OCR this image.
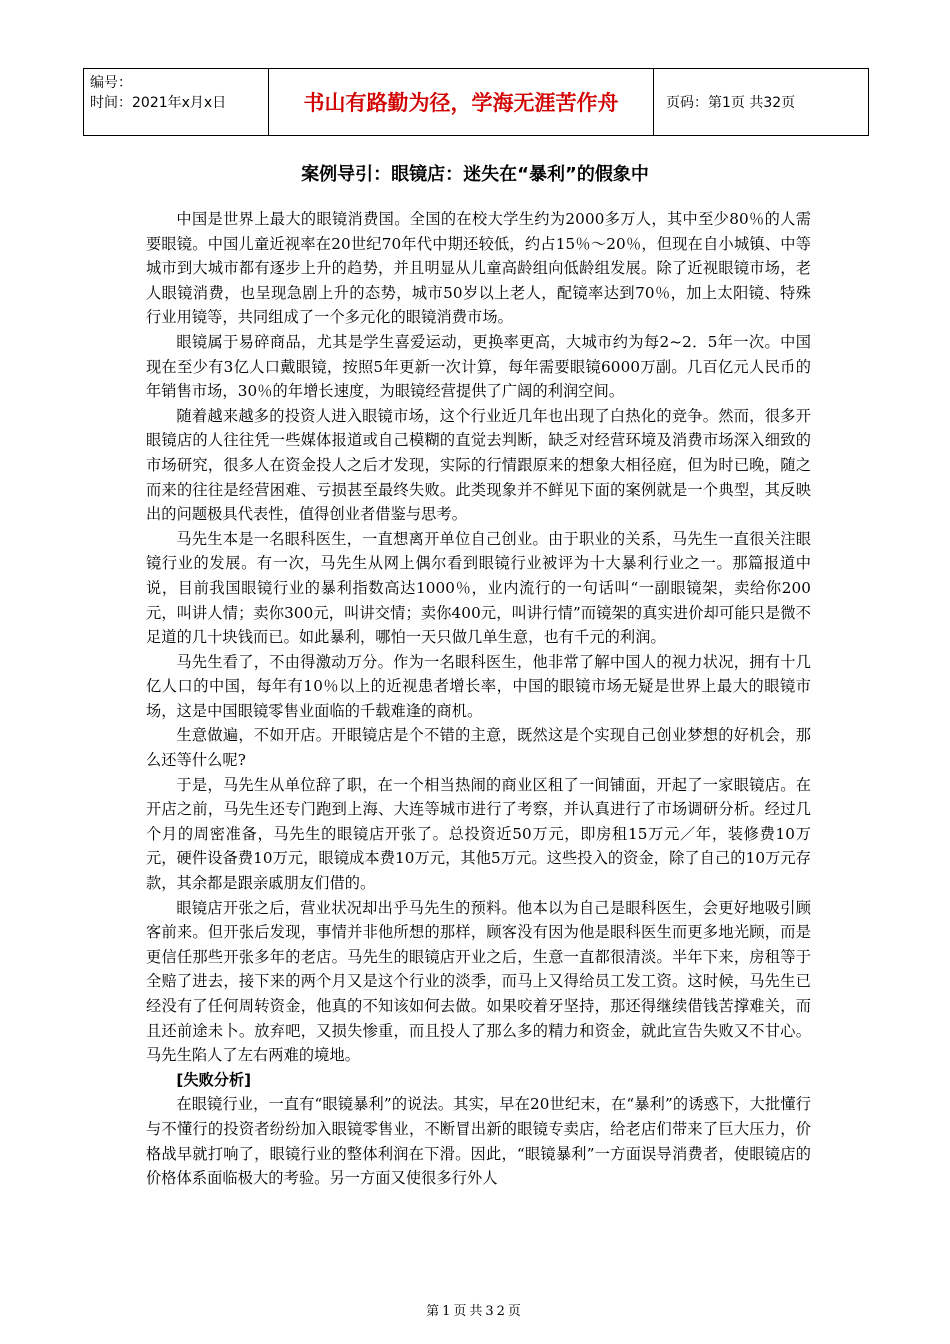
编号：
时间：2021年x月x日	书山有路勤为径，学海无涯苦作舟	页码：第1页 共32页
案例导引：眼镜店：迷失在“暴利”的假象中

中国是世界上最大的眼镜消费国。全国的在校大学生约为2000多万人，其中至少80％的人需要眼镜。中国儿童近视率在20世纪70年代中期还较低，约占15％～20％，但现在自小城镇、中等城市到大城市都有逐步上升的趋势，并且明显从儿童高龄组向低龄组发展。除了近视眼镜市场，老人眼镜消费，也呈现急剧上升的态势，城市50岁以上老人，配镜率达到70％，加上太阳镜、特殊行业用镜等，共同组成了一个多元化的眼镜消费市场。

眼镜属于易碎商品，尤其是学生喜爱运动，更换率更高，大城市约为每2~2．5年一次。中国现在至少有3亿人口戴眼镜，按照5年更新一次计算，每年需要眼镜6000万副。几百亿元人民币的年销售市场，30％的年增长速度，为眼镜经营提供了广阔的利润空间。

随着越来越多的投资人进入眼镜市场，这个行业近几年也出现了白热化的竞争。然而，很多开眼镜店的人往往凭一些媒体报道或自己模糊的直觉去判断，缺乏对经营环境及消费市场深入细致的市场研究，很多人在资金投人之后才发现，实际的行情跟原来的想象大相径庭，但为时已晚，随之而来的往往是经营困难、亏损甚至最终失败。此类现象并不鲜见下面的案例就是一个典型，其反映出的问题极具代表性，值得创业者借鉴与思考。

马先生本是一名眼科医生，一直想离开单位自己创业。由于职业的关系，马先生一直很关注眼镜行业的发展。有一次，马先生从网上偶尔看到眼镜行业被评为十大暴利行业之一。那篇报道中说，目前我国眼镜行业的暴利指数高达1000％，业内流行的一句话叫“一副眼镜架，卖给你200元，叫讲人情；卖你300元，叫讲交情；卖你400元，叫讲行情”而镜架的真实进价却可能只是微不足道的几十块钱而已。如此暴利，哪怕一天只做几单生意，也有千元的利润。

马先生看了，不由得激动万分。作为一名眼科医生，他非常了解中国人的视力状况，拥有十几亿人口的中国，每年有10％以上的近视患者增长率，中国的眼镜市场无疑是世界上最大的眼镜市场，这是中国眼镜零售业面临的千载难逢的商机。

生意做遍，不如开店。开眼镜店是个不错的主意，既然这是个实现自己创业梦想的好机会，那么还等什么呢?

于是，马先生从单位辞了职，在一个相当热闹的商业区租了一间铺面，开起了一家眼镜店。在开店之前，马先生还专门跑到上海、大连等城市进行了考察，并认真进行了市场调研分析。经过几个月的周密准备，马先生的眼镜店开张了。总投资近50万元，即房租15万元／年，装修费10万元，硬件设备费10万元，眼镜成本费10万元，其他5万元。这些投入的资金，除了自己的10万元存款，其余都是跟亲戚朋友们借的。

眼镜店开张之后，营业状况却出乎马先生的预料。他本以为自己是眼科医生，会更好地吸引顾客前来。但开张后发现，事情并非他所想的那样，顾客没有因为他是眼科医生而更多地光顾，而是更信任那些开张多年的老店。马先生的眼镜店开业之后，生意一直都很清淡。半年下来，房租等于全赔了进去，接下来的两个月又是这个行业的淡季，而马上又得给员工发工资。这时候，马先生已经没有了任何周转资金，他真的不知该如何去做。如果咬着牙坚持，那还得继续借钱苦撑难关，而且还前途未卜。放弃吧，又损失惨重，而且投人了那么多的精力和资金，就此宣告失败又不甘心。马先生陷人了左右两难的境地。

[失败分析]

在眼镜行业，一直有“眼镜暴利”的说法。其实，早在20世纪末，在“暴利”的诱惑下，大批懂行与不懂行的投资者纷纷加入眼镜零售业，不断冒出新的眼镜专卖店，给老店们带来了巨大压力，价格战早就打响了，眼镜行业的整体利润在下滑。因此，“眼镜暴利”一方面误导消费者，使眼镜店的价格体系面临极大的考验。另一方面又使很多行外人

第1页共32页
